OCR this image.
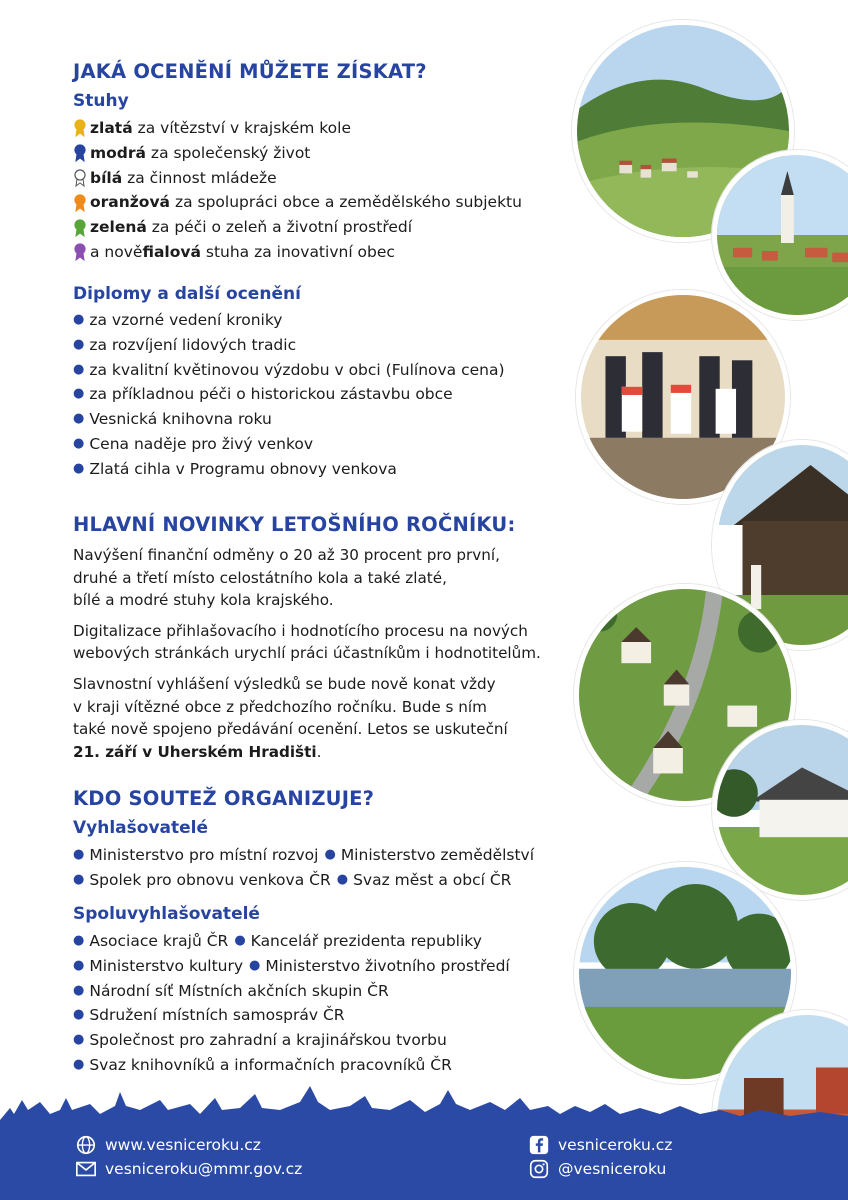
JAKÁ OCENĚNÍ MŮŽETE ZÍSKAT?
Stuhy
zlatá za vítězství v krajském kole
modrá za společenský život
bílá za činnost mládeže
oranžová za spolupráci obce a zemědělského subjektu
zelená za péči o zeleň a životní prostředí
a nově fialová stuha za inovativní obec
Diplomy a další ocenění
● za vzorné vedení kroniky
● za rozvíjení lidových tradic
● za kvalitní květinovou výzdobu v obci (Fulínova cena)
● za příkladnou péči o historickou zástavbu obce
● Vesnická knihovna roku
● Cena naděje pro živý venkov
● Zlatá cihla v Programu obnovy venkova
HLAVNÍ NOVINKY LETOŠNÍHO ROČNÍKU:

Navýšení finanční odměny o 20 až 30 procent pro první,
druhé a třetí místo celostátního kola a také zlaté,
bílé a modré stuhy kola krajského.

Digitalizace přihlašovacího i hodnotícího procesu na nových
webových stránkách urychlí práci účastníkům i hodnotitelům.

Slavnostní vyhlášení výsledků se bude nově konat vždy
v kraji vítězné obce z předchozího ročníku. Bude s ním
také nově spojeno předávání ocenění. Letos se uskuteční
21. září v Uherském Hradišti.

KDO SOUTEŽ ORGANIZUJE?
Vyhlašovatelé
● Ministerstvo pro místní rozvoj ● Ministerstvo zemědělství
● Spolek pro obnovu venkova ČR ● Svaz měst a obcí ČR
Spoluvyhlašovatelé
● Asociace krajů ČR ● Kancelář prezidenta republiky
● Ministerstvo kultury ● Ministerstvo životního prostředí
● Národní síť Místních akčních skupin ČR
● Sdružení místních samospráv ČR
● Společnost pro zahradní a krajinářskou tvorbu
● Svaz knihovníků a informačních pracovníků ČR
www.vesniceroku.cz
vesniceroku@mmr.gov.cz
vesniceroku.cz
@vesniceroku
